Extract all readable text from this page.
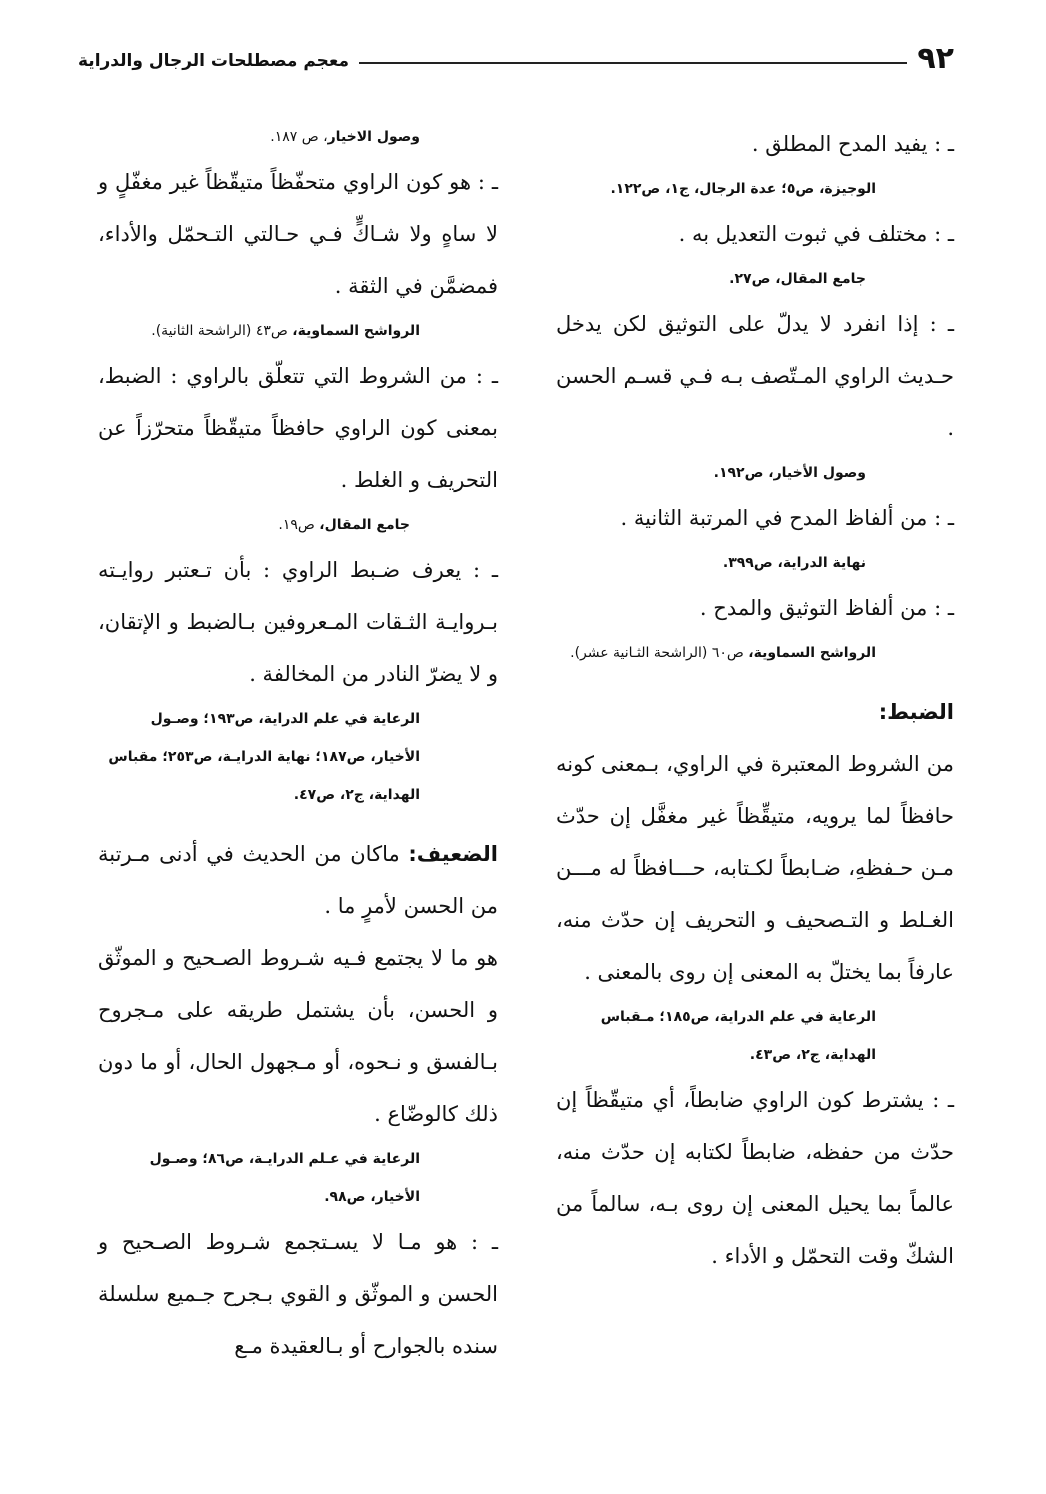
٩٢
معجم مصطلحات الرجال والدراية

ـ : يفيد المدح المطلق .

الوجيزة، ص٥؛ عدة الرجال، ج١، ص١٢٢.

ـ : مختلف في ثبوت التعديل به .

جامع المقال، ص٢٧.

ـ : إذا انفرد لا يدلّ على التوثيق لكن يدخل حـديث الراوي المـتّصف بـه فـي قسـم الحسن .

وصول الأخيار، ص١٩٢.

ـ : من ألفاظ المدح في المرتبة الثانية .

نهاية الدراية، ص٣٩٩.

ـ : من ألفاظ التوثيق والمدح .

الرواشح السماوية، ص٦٠ (الراشحة الثـانية عشر).

الضبط:

من الشروط المعتبرة في الراوي، بـمعنى كونه حافظاً لما يرويه، متيقِّظاً غير مغفَّل إن حدّث مـن حـفظهِ، ضـابطاً لكـتابه، حـــافظاً له مـــن الغـلط و التـصحيف و التحريف إن حدّث منه، عارفاً بما يختلّ به المعنى إن روى بالمعنى .

الرعاية في علم الدراية، ص١٨٥؛ مـقباس الهداية، ج٢، ص٤٣.

ـ : يشترط كون الراوي ضابطاً، أي متيقّظاً إن حدّث من حفظه، ضابطاً لكتابه إن حدّث منه، عالماً بما يحيل المعنى إن روى بـه، سالماً من الشكّ وقت التحمّل و الأداء .

وصول الاخيار، ص ١٨٧.

ـ : هو كون الراوي متحفّظاً متيقّظاً غير مغفّلٍ و لا ساهٍ ولا شـاكٍّ فـي حـالتي التـحمّل والأداء، فمضمَّن في الثقة .

الرواشح السماوية، ص٤٣ (الراشحة الثانية).

ـ : من الشروط التي تتعلّق بالراوي : الضبط، بمعنى كون الراوي حافظاً متيقّظاً متحرّزاً عن التحريف و الغلط .

جامع المقال، ص١٩.

ـ : يعرف ضـبط الراوي : بأن تـعتبر روايـته بـروايـة الثـقات المـعروفين بـالضبط و الإتقان، و لا يضرّ النادر من المخالفة .

الرعاية في علم الدراية، ص١٩٣؛ وصـول الأخيار، ص١٨٧؛ نهاية الدرايـة، ص٢٥٣؛ مقباس الهداية، ج٢، ص٤٧.

الضعيف: ماكان من الحديث في أدنى مـرتبة من الحسن لأمرٍ ما .

هو ما لا يجتمع فـيه شـروط الصـحيح و الموثّق و الحسن، بأن يشتمل طريقه على مـجروح بـالفسق و نـحوه، أو مـجهول الحال، أو ما دون ذلك كالوضّاع .

الرعاية في عـلم الدرايـة، ص٨٦؛ وصـول الأخيار، ص٩٨.

ـ : هو مـا لا يسـتجمع شـروط الصـحيح و الحسن و الموثّق و القوي بـجرح جـميع سلسلة سنده بالجوارح أو بـالعقيدة مـع
